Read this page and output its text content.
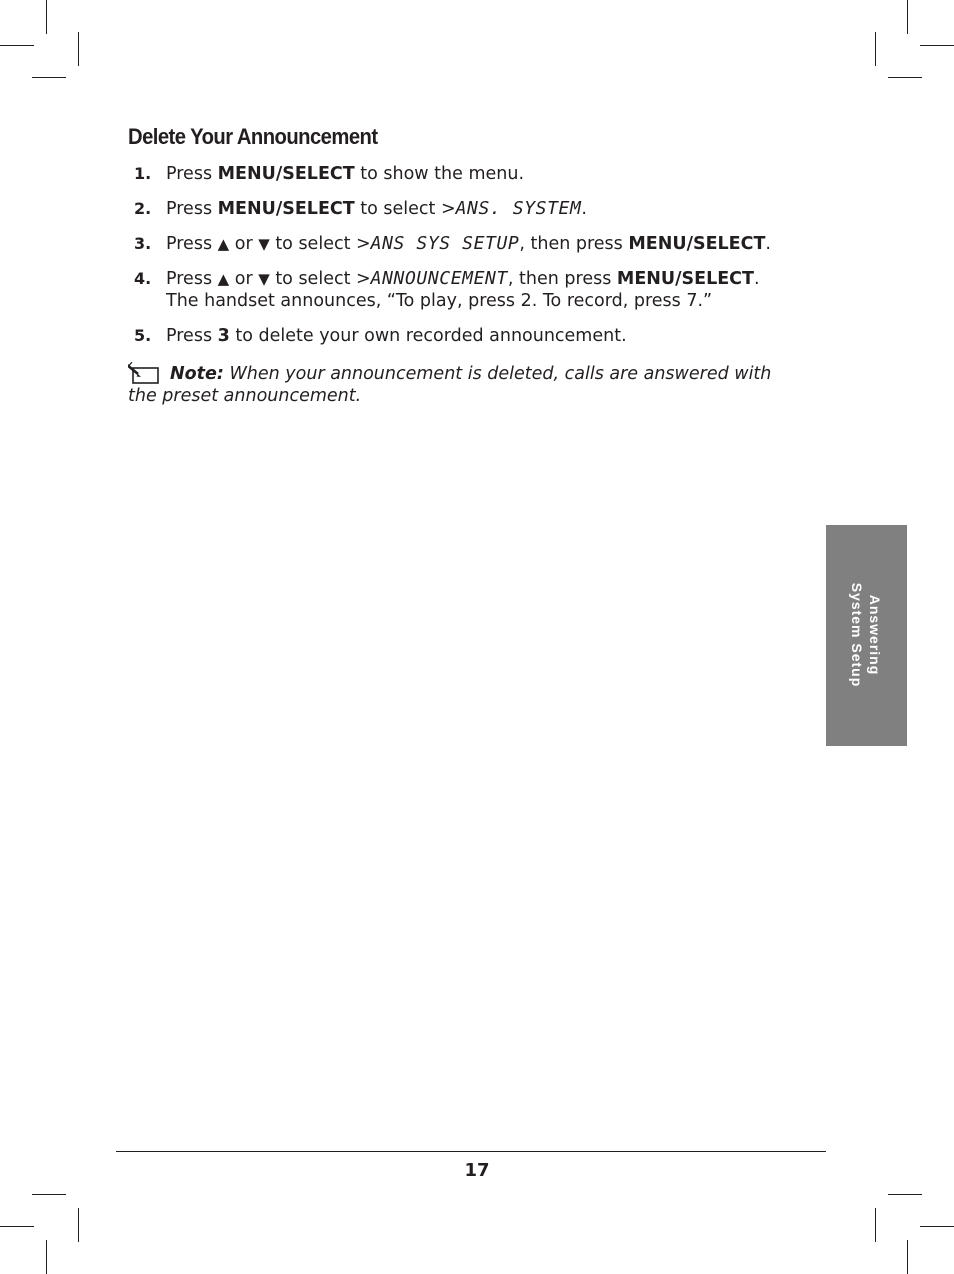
Delete Your Announcement
1. Press MENU/SELECT to show the menu.
2. Press MENU/SELECT to select >ANS. SYSTEM.
3. Press ▲ or ▼ to select >ANS SYS SETUP, then press MENU/SELECT.
4. Press ▲ or ▼ to select >ANNOUNCEMENT, then press MENU/SELECT.
The handset announces, “To play, press 2. To record, press 7.”
5. Press 3 to delete your own recorded announcement.
Note: When your announcement is deleted, calls are answered with the preset announcement.
Answering
System Setup
17
